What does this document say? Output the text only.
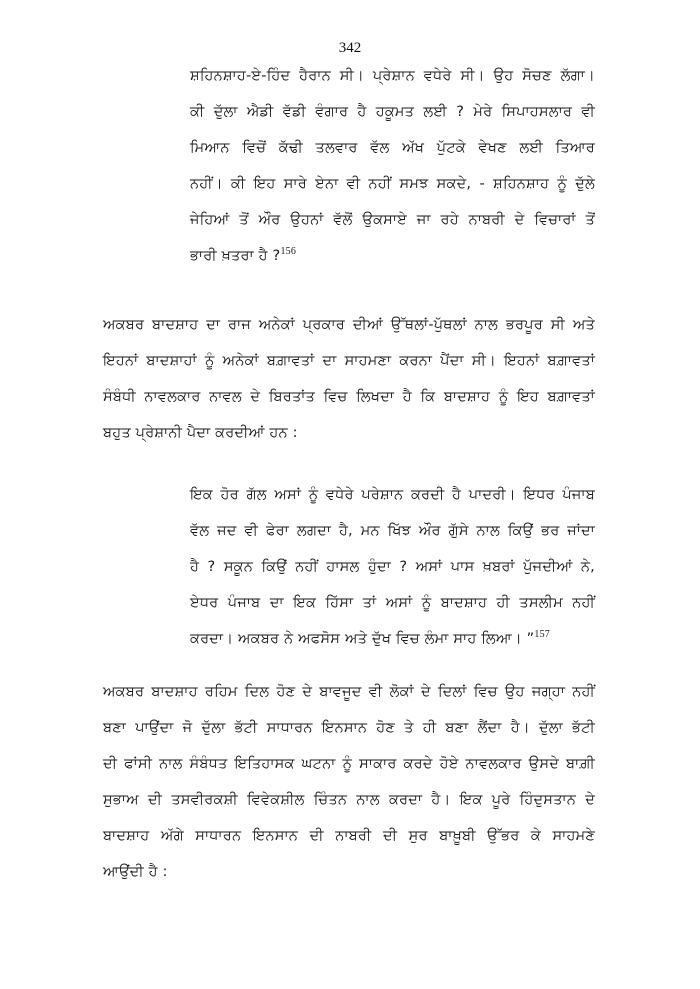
342
ਸ਼ਹਿਨਸ਼ਾਹ-ਏ-ਹਿੰਦ ਹੈਰਾਨ ਸੀ। ਪ੍ਰੇਸ਼ਾਨ ਵਧੇਰੇ ਸੀ। ਉਹ ਸੋਚਣ ਲੱਗਾ।
ਕੀ ਦੁੱਲਾ ਐਡੀ ਵੱਡੀ ਵੰਗਾਰ ਹੈ ਹਕੂਮਤ ਲਈ ? ਮੇਰੇ ਸਿਪਾਹਸਲਾਰ ਵੀ
ਮਿਆਨ ਵਿਚੋਂ ਕੱਢੀ ਤਲਵਾਰ ਵੱਲ ਅੱਖ ਪੁੱਟਕੇ ਵੇਖਣ ਲਈ ਤਿਆਰ
ਨਹੀਂ। ਕੀ ਇਹ ਸਾਰੇ ਏਨਾ ਵੀ ਨਹੀਂ ਸਮਝ ਸਕਦੇ, - ਸ਼ਹਿਨਸ਼ਾਹ ਨੂੰ ਦੁੱਲੇ
ਜੇਹਿਆਂ ਤੋਂ ਔਰ ਉਹਨਾਂ ਵੱਲੋਂ ਉਕਸਾਏ ਜਾ ਰਹੇ ਨਾਬਰੀ ਦੇ ਵਿਚਾਰਾਂ ਤੋਂ
ਭਾਰੀ ਖ਼ਤਰਾ ਹੈ ?$^{156}$
ਅਕਬਰ ਬਾਦਸ਼ਾਹ ਦਾ ਰਾਜ ਅਨੇਕਾਂ ਪ੍ਰਕਾਰ ਦੀਆਂ ਉੱਥਲਾਂ-ਪੁੱਥਲਾਂ ਨਾਲ ਭਰਪੂਰ ਸੀ ਅਤੇ
ਇਹਨਾਂ ਬਾਦਸ਼ਾਹਾਂ ਨੂੰ ਅਨੇਕਾਂ ਬਗ਼ਾਵਤਾਂ ਦਾ ਸਾਹਮਣਾ ਕਰਨਾ ਪੈਂਦਾ ਸੀ। ਇਹਨਾਂ ਬਗ਼ਾਵਤਾਂ
ਸੰਬੰਧੀ ਨਾਵਲਕਾਰ ਨਾਵਲ ਦੇ ਬਿਰਤਾਂਤ ਵਿਚ ਲਿਖਦਾ ਹੈ ਕਿ ਬਾਦਸ਼ਾਹ ਨੂੰ ਇਹ ਬਗ਼ਾਵਤਾਂ
ਬਹੁਤ ਪ੍ਰੇਸ਼ਾਨੀ ਪੈਦਾ ਕਰਦੀਆਂ ਹਨ :
ਇਕ ਹੋਰ ਗੱਲ ਅਸਾਂ ਨੂੰ ਵਧੇਰੇ ਪਰੇਸ਼ਾਨ ਕਰਦੀ ਹੈ ਪਾਦਰੀ। ਇਧਰ ਪੰਜਾਬ
ਵੱਲ ਜਦ ਵੀ ਫੇਰਾ ਲਗਦਾ ਹੈ, ਮਨ ਖਿੱਝ ਔਰ ਗੁੱਸੇ ਨਾਲ ਕਿਉਂ ਭਰ ਜਾਂਦਾ
ਹੈ ? ਸਕੂਨ ਕਿਉਂ ਨਹੀਂ ਹਾਸਲ ਹੁੰਦਾ ? ਅਸਾਂ ਪਾਸ ਖ਼ਬਰਾਂ ਪੁੱਜਦੀਆਂ ਨੇ,
ਏਧਰ ਪੰਜਾਬ ਦਾ ਇਕ ਹਿੱਸਾ ਤਾਂ ਅਸਾਂ ਨੂੰ ਬਾਦਸ਼ਾਹ ਹੀ ਤਸਲੀਮ ਨਹੀਂ
ਕਰਦਾ। ਅਕਬਰ ਨੇ ਅਫਸੋਸ ਅਤੇ ਦੁੱਖ ਵਿਚ ਲੰਮਾ ਸਾਹ ਲਿਆ। ”$^{157}$
ਅਕਬਰ ਬਾਦਸ਼ਾਹ ਰਹਿਮ ਦਿਲ ਹੋਣ ਦੇ ਬਾਵਜੂਦ ਵੀ ਲੋਕਾਂ ਦੇ ਦਿਲਾਂ ਵਿਚ ਉਹ ਜਗ੍ਹਾ ਨਹੀਂ
ਬਣਾ ਪਾਉਂਦਾ ਜੋ ਦੁੱਲਾ ਭੱਟੀ ਸਾਧਾਰਨ ਇਨਸਾਨ ਹੋਣ ਤੇ ਹੀ ਬਣਾ ਲੈਂਦਾ ਹੈ। ਦੁੱਲਾ ਭੱਟੀ
ਦੀ ਫਾਂਸੀ ਨਾਲ ਸੰਬੰਧਤ ਇਤਿਹਾਸਕ ਘਟਨਾ ਨੂੰ ਸਾਕਾਰ ਕਰਦੇ ਹੋਏ ਨਾਵਲਕਾਰ ਉਸਦੇ ਬਾਗ਼ੀ
ਸੁਭਾਅ ਦੀ ਤਸਵੀਰਕਸ਼ੀ ਵਿਵੇਕਸ਼ੀਲ ਚਿੰਤਨ ਨਾਲ ਕਰਦਾ ਹੈ। ਇਕ ਪੂਰੇ ਹਿੰਦੁਸਤਾਨ ਦੇ
ਬਾਦਸ਼ਾਹ ਅੱਗੇ ਸਾਧਾਰਨ ਇਨਸਾਨ ਦੀ ਨਾਬਰੀ ਦੀ ਸੁਰ ਬਾਖ਼ੂਬੀ ਉੱਭਰ ਕੇ ਸਾਹਮਣੇ
ਆਉਂਦੀ ਹੈ :
